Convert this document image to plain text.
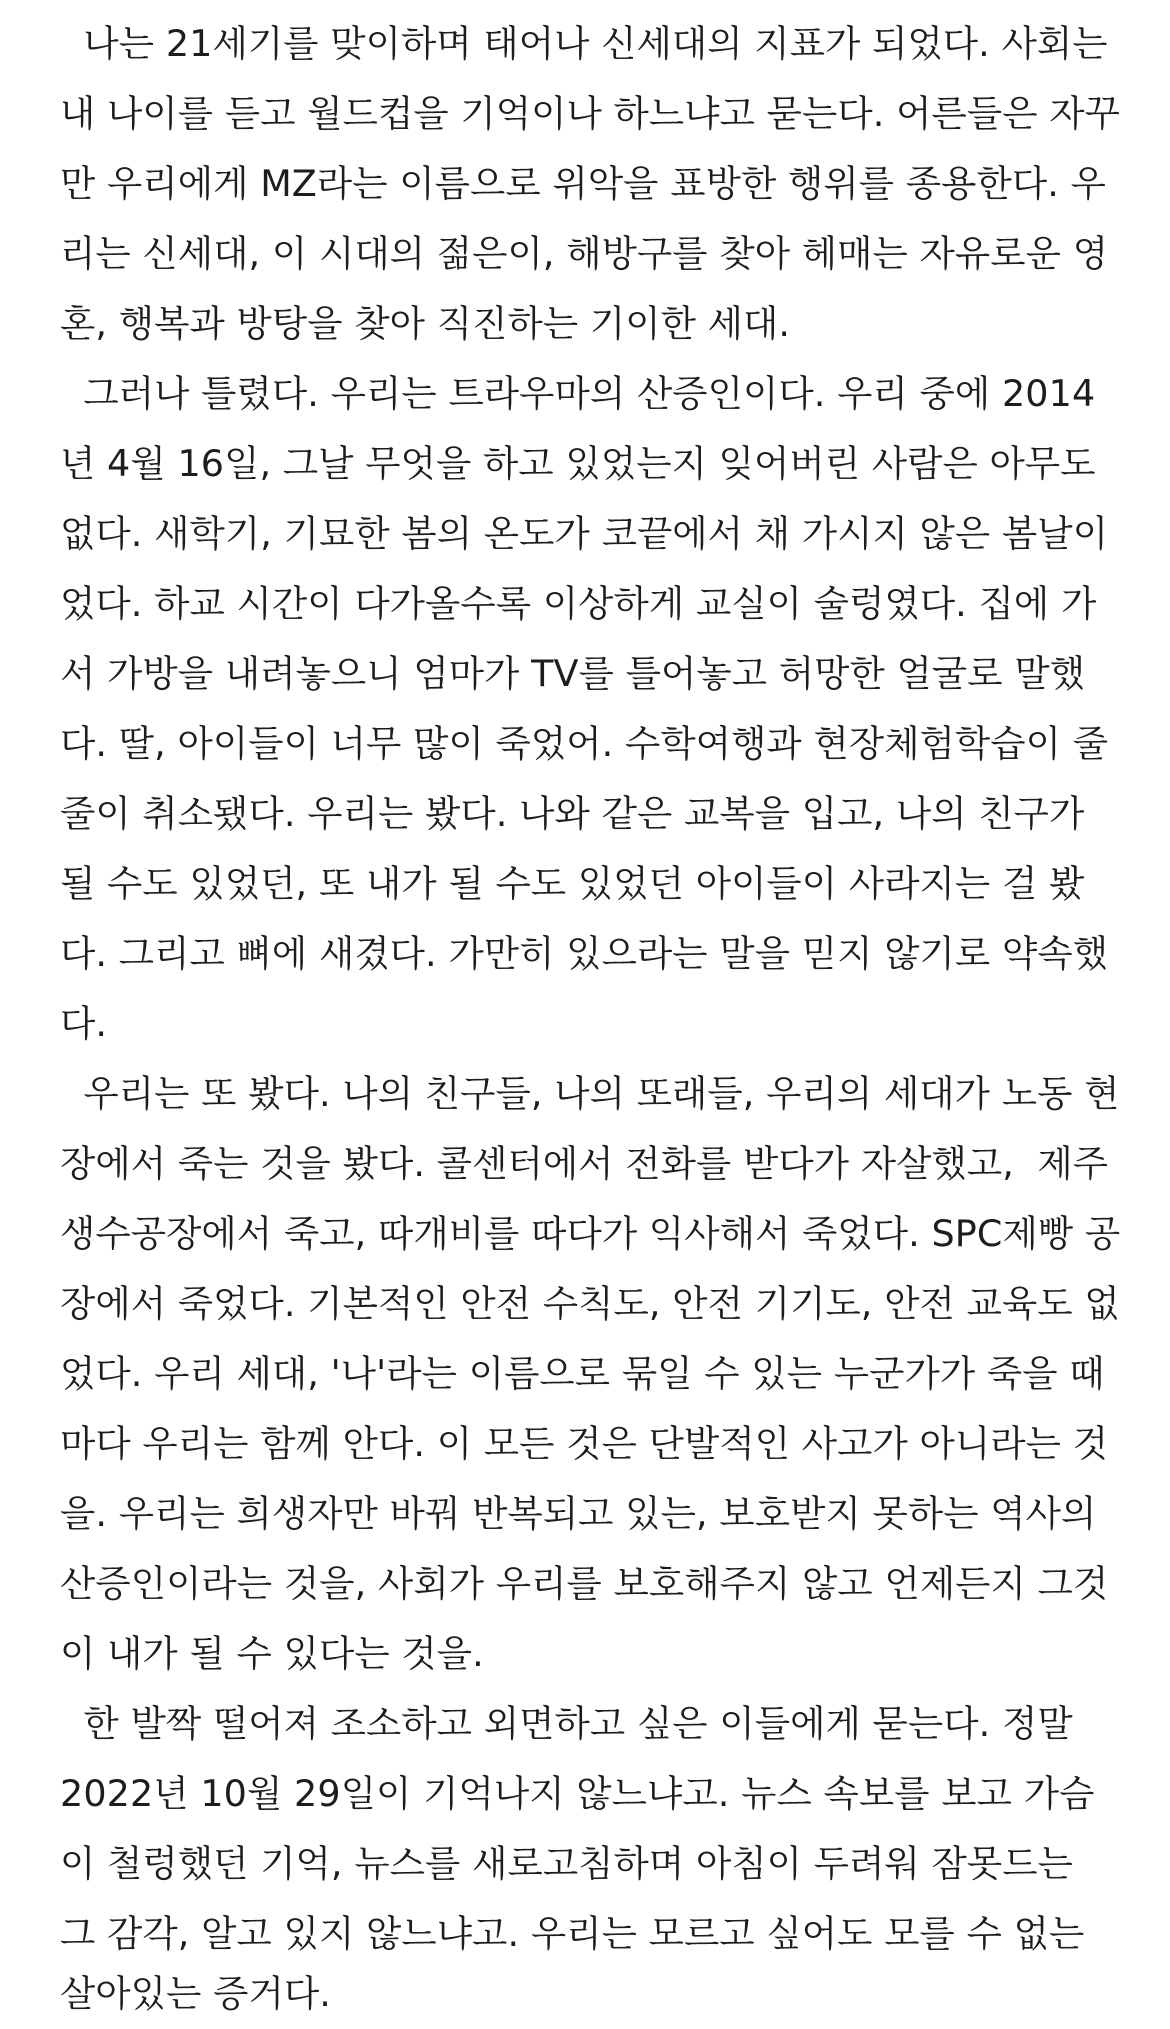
나는 21세기를 맞이하며 태어나 신세대의 지표가 되었다. 사회는
내 나이를 듣고 월드컵을 기억이나 하느냐고 묻는다. 어른들은 자꾸
만 우리에게 MZ라는 이름으로 위악을 표방한 행위를 종용한다. 우
리는 신세대, 이 시대의 젊은이, 해방구를 찾아 헤매는 자유로운 영
혼, 행복과 방탕을 찾아 직진하는 기이한 세대.
그러나 틀렸다. 우리는 트라우마의 산증인이다. 우리 중에 2014
년 4월 16일, 그날 무엇을 하고 있었는지 잊어버린 사람은 아무도
없다. 새학기, 기묘한 봄의 온도가 코끝에서 채 가시지 않은 봄날이
었다. 하교 시간이 다가올수록 이상하게 교실이 술렁였다. 집에 가
서 가방을 내려놓으니 엄마가 TV를 틀어놓고 허망한 얼굴로 말했
다. 딸, 아이들이 너무 많이 죽었어. 수학여행과 현장체험학습이 줄
줄이 취소됐다. 우리는 봤다. 나와 같은 교복을 입고, 나의 친구가
될 수도 있었던, 또 내가 될 수도 있었던 아이들이 사라지는 걸 봤
다. 그리고 뼈에 새겼다. 가만히 있으라는 말을 믿지 않기로 약속했
다.
우리는 또 봤다. 나의 친구들, 나의 또래들, 우리의 세대가 노동 현
장에서 죽는 것을 봤다. 콜센터에서 전화를 받다가 자살했고,  제주
생수공장에서 죽고, 따개비를 따다가 익사해서 죽었다. SPC제빵 공
장에서 죽었다. 기본적인 안전 수칙도, 안전 기기도, 안전 교육도 없
었다. 우리 세대, '나'라는 이름으로 묶일 수 있는 누군가가 죽을 때
마다 우리는 함께 안다. 이 모든 것은 단발적인 사고가 아니라는 것
을. 우리는 희생자만 바꿔 반복되고 있는, 보호받지 못하는 역사의
산증인이라는 것을, 사회가 우리를 보호해주지 않고 언제든지 그것
이 내가 될 수 있다는 것을.
한 발짝 떨어져 조소하고 외면하고 싶은 이들에게 묻는다. 정말
2022년 10월 29일이 기억나지 않느냐고. 뉴스 속보를 보고 가슴
이 철렁했던 기억, 뉴스를 새로고침하며 아침이 두려워 잠못드는
그 감각, 알고 있지 않느냐고. 우리는 모르고 싶어도 모를 수 없는
살아있는 증거다.
